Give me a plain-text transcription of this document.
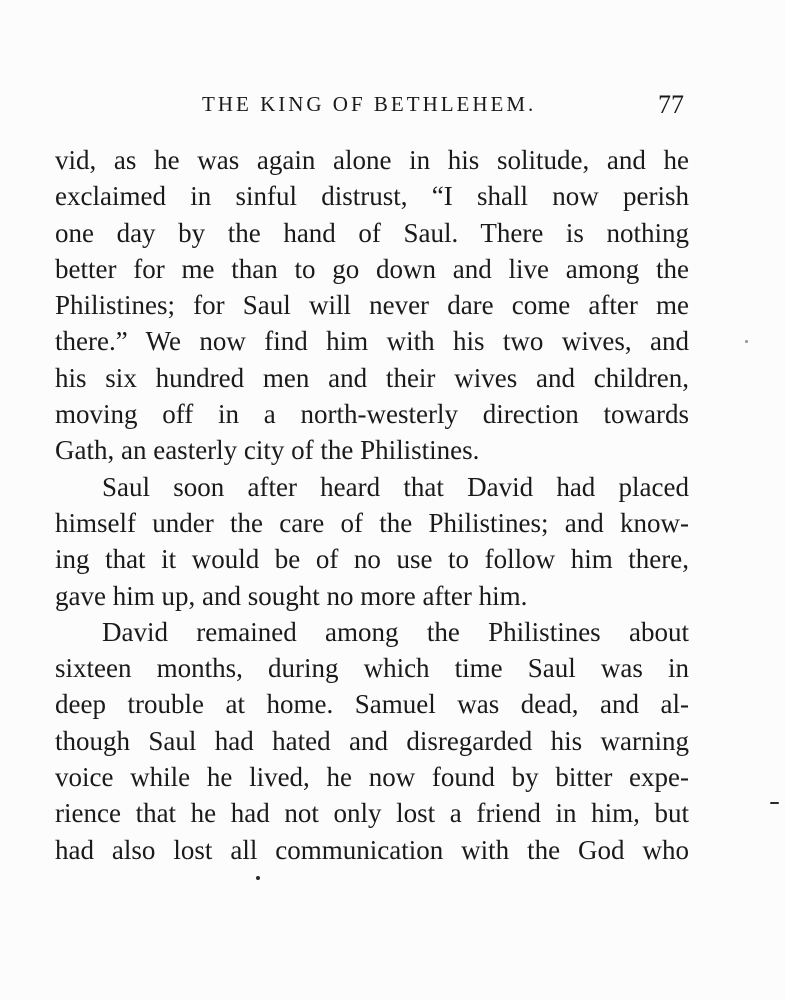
THE KING OF BETHLEHEM.	77
vid, as he was again alone in his solitude, and he
exclaimed in sinful distrust, “I shall now perish
one day by the hand of Saul. There is nothing
better for me than to go down and live among the
Philistines; for Saul will never dare come after me
there.” We now find him with his two wives, and
his six hundred men and their wives and children,
moving off in a north-westerly direction towards
Gath, an easterly city of the Philistines.
Saul soon after heard that David had placed
himself under the care of the Philistines; and know-
ing that it would be of no use to follow him there,
gave him up, and sought no more after him.
David remained among the Philistines about
sixteen months, during which time Saul was in
deep trouble at home. Samuel was dead, and al-
though Saul had hated and disregarded his warning
voice while he lived, he now found by bitter expe-
rience that he had not only lost a friend in him, but
had also lost all communication with the God who
